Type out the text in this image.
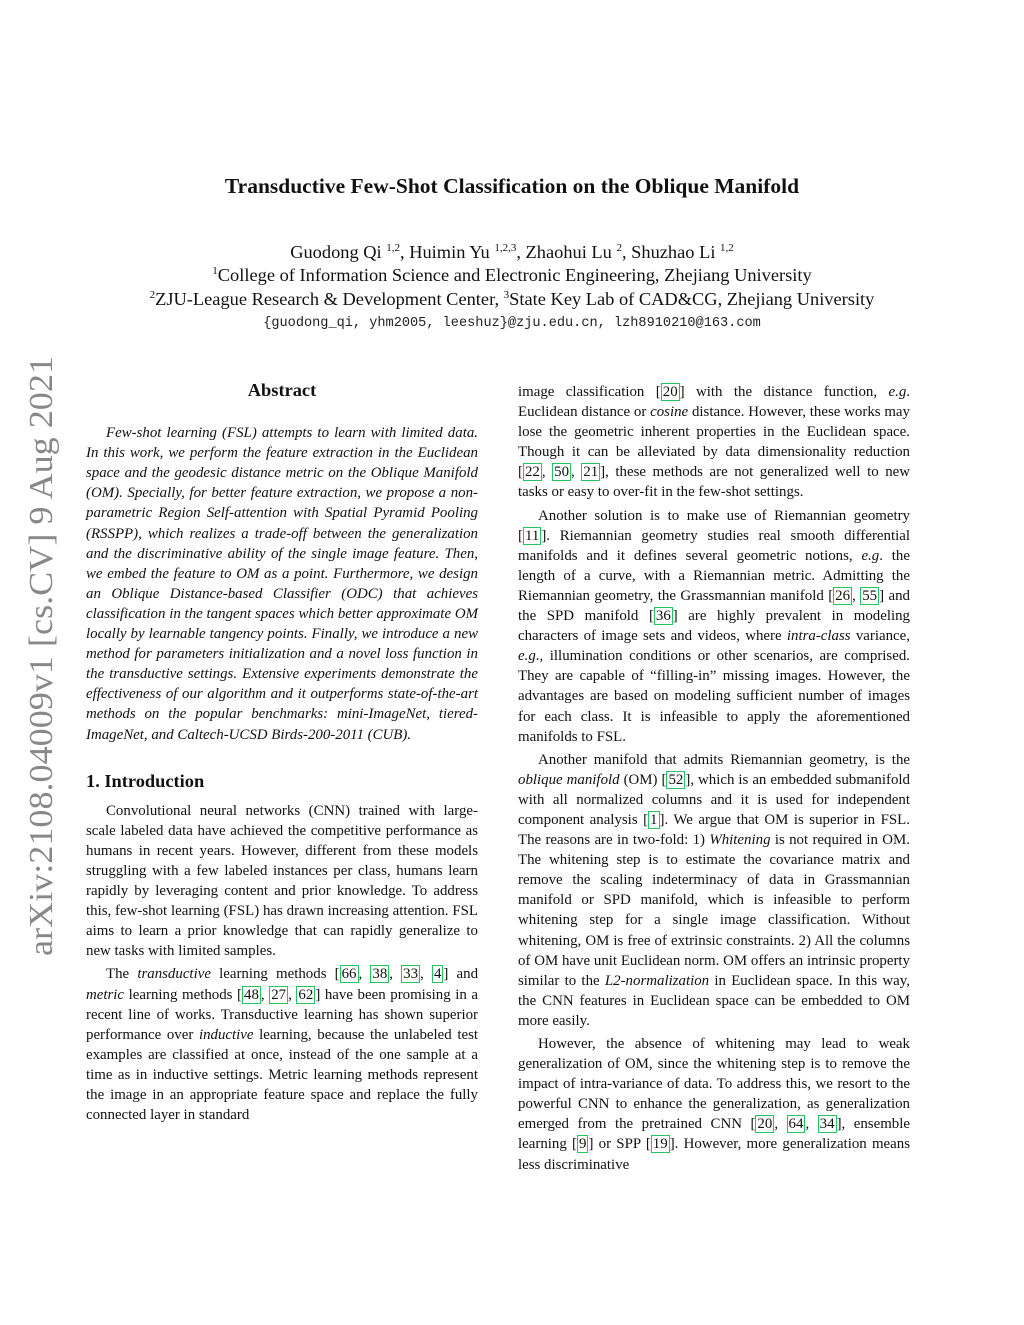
arXiv:2108.04009v1 [cs.CV] 9 Aug 2021
Transductive Few-Shot Classification on the Oblique Manifold
Guodong Qi $^{1,2}$, Huimin Yu $^{1,2,3}$, Zhaohui Lu $^2$, Shuzhao Li $^{1,2}$
$^1$College of Information Science and Electronic Engineering, Zhejiang University
$^2$ZJU-League Research & Development Center, $^3$State Key Lab of CAD&CG, Zhejiang University
{guodong_qi, yhm2005, leeshuz}@zju.edu.cn, lzh8910210@163.com
Abstract

Few-shot learning (FSL) attempts to learn with limited data. In this work, we perform the feature extraction in the Euclidean space and the geodesic distance metric on the Oblique Manifold (OM). Specially, for better feature extraction, we propose a non-parametric Region Self-attention with Spatial Pyramid Pooling (RSSPP), which realizes a trade-off between the generalization and the discriminative ability of the single image feature. Then, we embed the feature to OM as a point. Furthermore, we design an Oblique Distance-based Classifier (ODC) that achieves classification in the tangent spaces which better approximate OM locally by learnable tangency points. Finally, we introduce a new method for parameters initialization and a novel loss function in the transductive settings. Extensive experiments demonstrate the effectiveness of our algorithm and it outperforms state-of-the-art methods on the popular benchmarks: mini-ImageNet, tiered-ImageNet, and Caltech-UCSD Birds-200-2011 (CUB).

1. Introduction

Convolutional neural networks (CNN) trained with large-scale labeled data have achieved the competitive performance as humans in recent years. However, different from these models struggling with a few labeled instances per class, humans learn rapidly by leveraging content and prior knowledge. To address this, few-shot learning (FSL) has drawn increasing attention. FSL aims to learn a prior knowledge that can rapidly generalize to new tasks with limited samples.

The transductive learning methods [ 66 , 38 , 33 , 4 ] and metric learning methods [ 48 , 27 , 62 ] have been promising in a recent line of works. Transductive learning has shown superior performance over inductive learning, because the unlabeled test examples are classified at once, instead of the one sample at a time as in inductive settings. Metric learning methods represent the image in an appropriate feature space and replace the fully connected layer in standard

image classification [ 20 ] with the distance function, e.g. Euclidean distance or cosine distance. However, these works may lose the geometric inherent properties in the Euclidean space. Though it can be alleviated by data dimensionality reduction [ 22 , 50 , 21 ], these methods are not generalized well to new tasks or easy to over-fit in the few-shot settings.

Another solution is to make use of Riemannian geometry [ 11 ]. Riemannian geometry studies real smooth differential manifolds and it defines several geometric notions, e.g. the length of a curve, with a Riemannian metric. Admitting the Riemannian geometry, the Grassmannian manifold [ 26 , 55 ] and the SPD manifold [ 36 ] are highly prevalent in modeling characters of image sets and videos, where intra-class variance, e.g., illumination conditions or other scenarios, are comprised. They are capable of “filling-in” missing images. However, the advantages are based on modeling sufficient number of images for each class. It is infeasible to apply the aforementioned manifolds to FSL.

Another manifold that admits Riemannian geometry, is the oblique manifold (OM) [ 52 ], which is an embedded submanifold with all normalized columns and it is used for independent component analysis [ 1 ]. We argue that OM is superior in FSL. The reasons are in two-fold: 1) Whitening is not required in OM. The whitening step is to estimate the covariance matrix and remove the scaling indeterminacy of data in Grassmannian manifold or SPD manifold, which is infeasible to perform whitening step for a single image classification. Without whitening, OM is free of extrinsic constraints. 2) All the columns of OM have unit Euclidean norm. OM offers an intrinsic property similar to the L2-normalization in Euclidean space. In this way, the CNN features in Euclidean space can be embedded to OM more easily.

However, the absence of whitening may lead to weak generalization of OM, since the whitening step is to remove the impact of intra-variance of data. To address this, we resort to the powerful CNN to enhance the generalization, as generalization emerged from the pretrained CNN [ 20 , 64 , 34 ], ensemble learning [ 9 ] or SPP [ 19 ]. However, more generalization means less discriminative
